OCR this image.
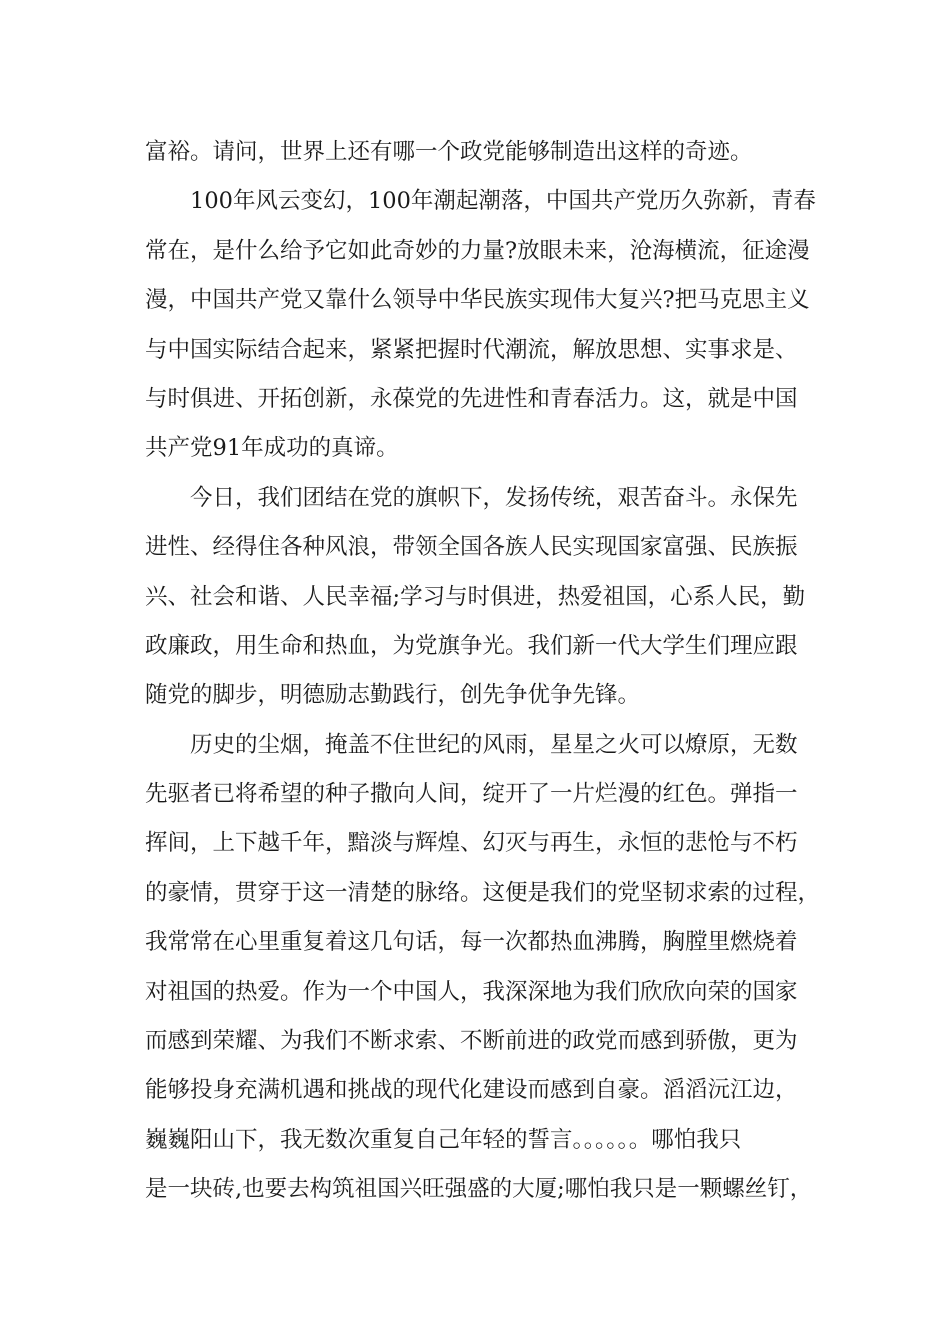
富裕。请问，世界上还有哪一个政党能够制造出这样的奇迹。
100年风云变幻，100年潮起潮落，中国共产党历久弥新，青春
常在，是什么给予它如此奇妙的力量?放眼未来，沧海横流，征途漫
漫，中国共产党又靠什么领导中华民族实现伟大复兴?把马克思主义
与中国实际结合起来，紧紧把握时代潮流，解放思想、实事求是、
与时俱进、开拓创新，永葆党的先进性和青春活力。这，就是中国
共产党91年成功的真谛。
今日，我们团结在党的旗帜下，发扬传统，艰苦奋斗。永保先
进性、经得住各种风浪，带领全国各族人民实现国家富强、民族振
兴、社会和谐、人民幸福;学习与时俱进，热爱祖国，心系人民，勤
政廉政，用生命和热血，为党旗争光。我们新一代大学生们理应跟
随党的脚步，明德励志勤践行，创先争优争先锋。
历史的尘烟，掩盖不住世纪的风雨，星星之火可以燎原，无数
先驱者已将希望的种子撒向人间，绽开了一片烂漫的红色。弹指一
挥间，上下越千年，黯淡与辉煌、幻灭与再生，永恒的悲怆与不朽
的豪情，贯穿于这一清楚的脉络。这便是我们的党坚韧求索的过程，
我常常在心里重复着这几句话，每一次都热血沸腾，胸膛里燃烧着
对祖国的热爱。作为一个中国人，我深深地为我们欣欣向荣的国家
而感到荣耀、为我们不断求索、不断前进的政党而感到骄傲，更为
能够投身充满机遇和挑战的现代化建设而感到自豪。滔滔沅江边，
巍巍阳山下，我无数次重复自己年轻的誓言。。。。。。哪怕我只
是一块砖,也要去构筑祖国兴旺强盛的大厦;哪怕我只是一颗螺丝钉，
